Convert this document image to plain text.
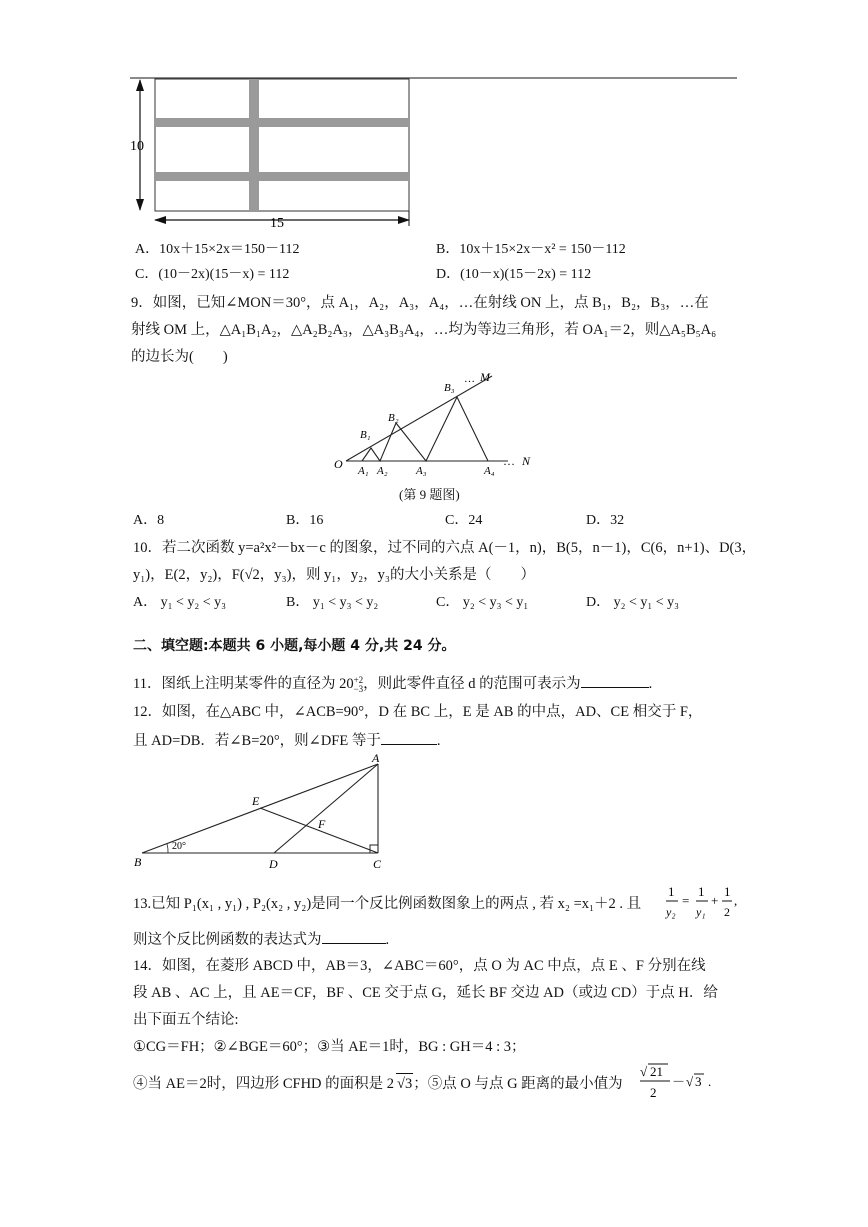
10
15
A．10x＋15×2x＝150－112	B．10x＋15×2x－x² = 150－112
C．(10－2x)(15－x) = 112	D．(10－x)(15－2x) = 112
9．如图，已知∠MON＝30°，点 A₁，A₂，A₃，A₄，…在射线 ON 上，点 B₁，B₂，B₃，…在
射线 OM 上，△A₁B₁A₂，△A₂B₂A₃，△A₃B₃A₄，…均为等边三角形，若 OA₁＝2，则△A₅B₅A₆
的边长为(　　)
O	N
…
M
…
A₁ A₂	A₃	A₄
B₁
B₂
B₃
(第 9 题图)
A．8	B．16	C．24	D．32
10．若二次函数 y=a²x²－bx－c 的图象，过不同的六点 A(－1，n)，B(5，n－1)，C(6，n+1)、D(3，
y₁)，E(2，y₂)，F(√2，y₃)，则 y₁，y₂，y₃的大小关系是（　　）
A． y₁ < y₂ < y₃	B． y₁ < y₃ < y₂	C． y₂ < y₃ < y₁	D． y₂ < y₁ < y₃
二、填空题:本题共 6 小题,每小题 4 分,共 24 分。
11．图纸上注明某零件的直径为 20 +2
−3 ，则此零件直径 d 的范围可表示为	.
12．如图，在△ABC 中，∠ACB=90°，D 在 BC 上，E 是 AB 的中点，AD、CE 相交于 F，
且 AD=DB．若∠B=20°，则∠DFE 等于	.
A
B	C
D
E
F
20°
13.已知 P₁(x₁ , y₁) , P₂(x₂ , y₂)是同一个反比例函数图象上的两点 , 若 x₂ =x₁＋2 . 且
1
y₂
=
1
y₁
+
1
2
,
则这个反比例函数的表达式为	.
14．如图，在菱形 ABCD 中，AB＝3，∠ABC＝60°，点 O 为 AC 中点，点 E 、F 分别在线
段 AB 、AC 上，且 AE＝CF，BF 、CE 交于点 G，延长 BF 交边 AD（或边 CD）于点 H．给
出下面五个结论:
①CG＝FH；②∠BGE＝60°；③当 AE＝1时，BG : GH＝4 : 3；
④当 AE＝2时，四边形 CFHD 的面积是 2 √3；⑤点 O 与点 G 距离的最小值为
√ 21
2
－ √ 3 .
